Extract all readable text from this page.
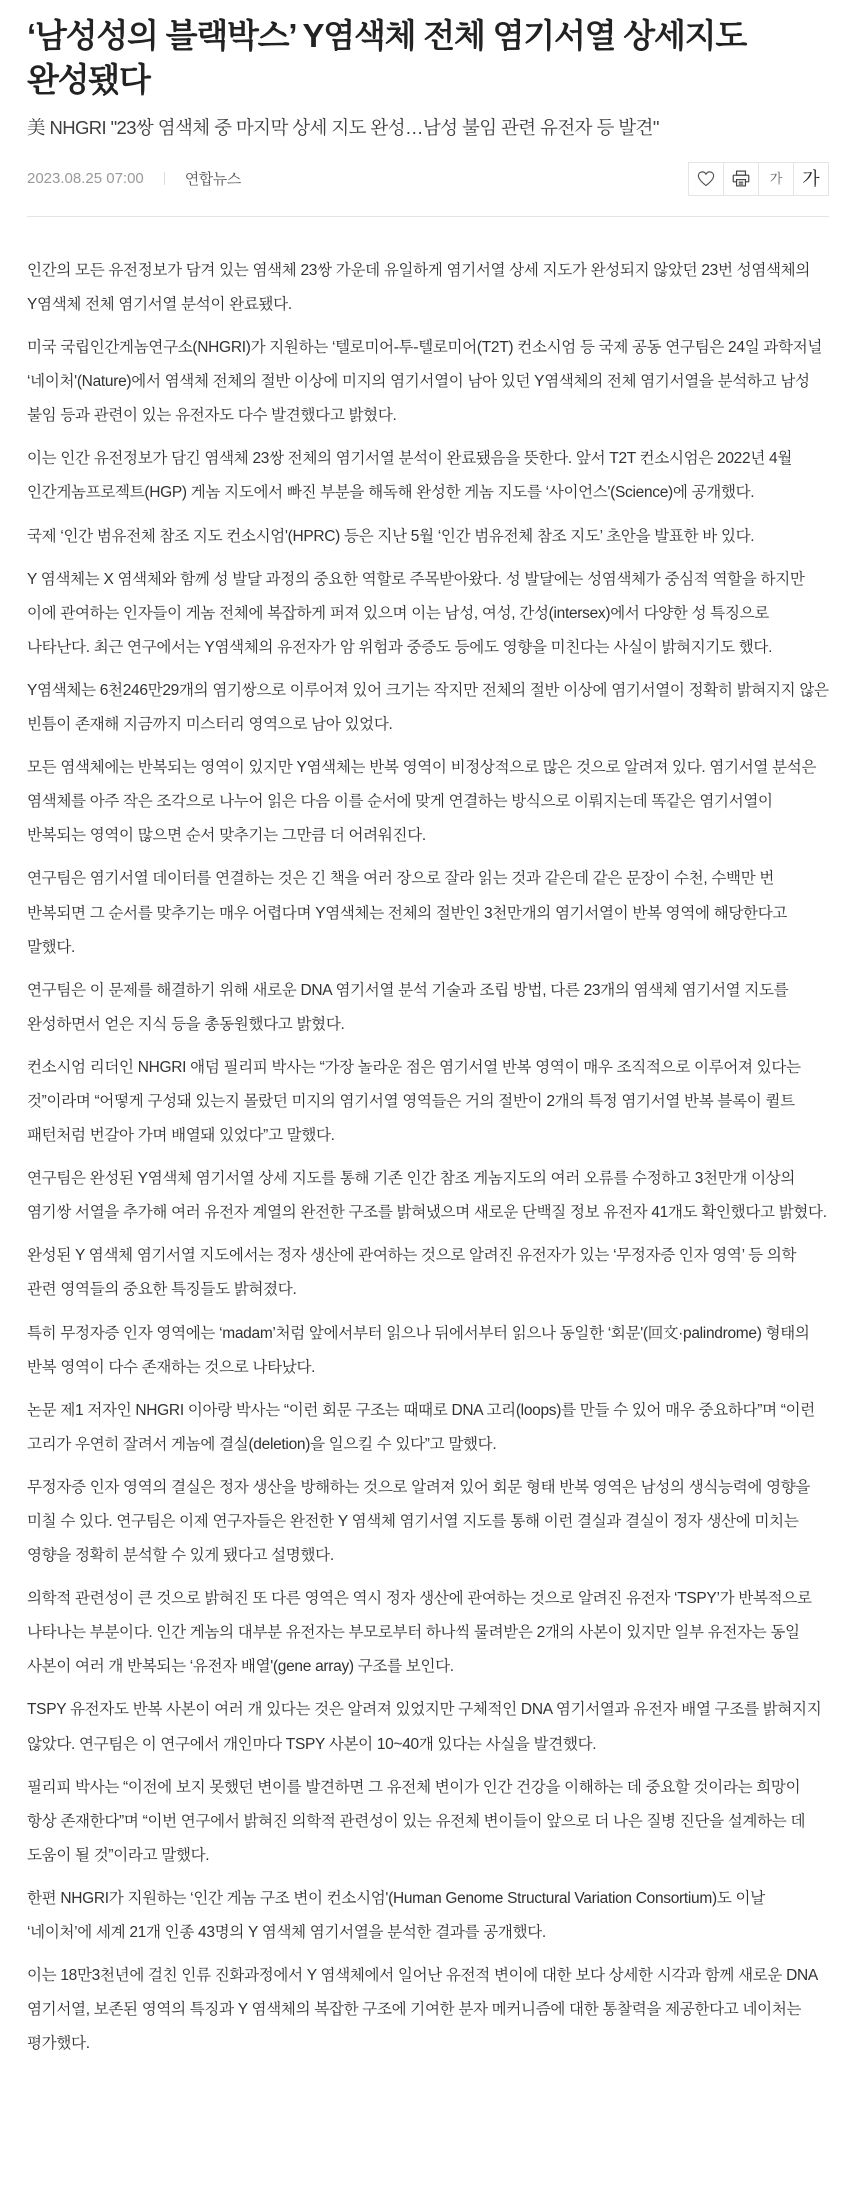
‘남성성의 블랙박스’ Y염색체 전체 염기서열 상세지도 완성됐다

美 NHGRI "23쌍 염색체 중 마지막 상세 지도 완성…남성 불임 관련 유전자 등 발견"

2023.08.25 07:00	연합뉴스	가 가

인간의 모든 유전정보가 담겨 있는 염색체 23쌍 가운데 유일하게 염기서열 상세 지도가 완성되지 않았던 23번 성염색체의 Y염색체 전체 염기서열 분석이 완료됐다.

미국 국립인간게놈연구소(NHGRI)가 지원하는 ‘텔로미어-투-텔로미어(T2T) 컨소시엄 등 국제 공동 연구팀은 24일 과학저널 ‘네이처'(Nature)에서 염색체 전체의 절반 이상에 미지의 염기서열이 남아 있던 Y염색체의 전체 염기서열을 분석하고 남성 불임 등과 관련이 있는 유전자도 다수 발견했다고 밝혔다.

이는 인간 유전정보가 담긴 염색체 23쌍 전체의 염기서열 분석이 완료됐음을 뜻한다. 앞서 T2T 컨소시엄은 2022년 4월 인간게놈프로젝트(HGP) 게놈 지도에서 빠진 부분을 해독해 완성한 게놈 지도를 ‘사이언스'(Science)에 공개했다.

국제 ‘인간 범유전체 참조 지도 컨소시엄'(HPRC) 등은 지난 5월 ‘인간 범유전체 참조 지도’ 초안을 발표한 바 있다.

Y 염색체는 X 염색체와 함께 성 발달 과정의 중요한 역할로 주목받아왔다. 성 발달에는 성염색체가 중심적 역할을 하지만 이에 관여하는 인자들이 게놈 전체에 복잡하게 퍼져 있으며 이는 남성, 여성, 간성(intersex)에서 다양한 성 특징으로 나타난다. 최근 연구에서는 Y염색체의 유전자가 암 위험과 중증도 등에도 영향을 미친다는 사실이 밝혀지기도 했다.

Y염색체는 6천246만29개의 염기쌍으로 이루어져 있어 크기는 작지만 전체의 절반 이상에 염기서열이 정확히 밝혀지지 않은 빈틈이 존재해 지금까지 미스터리 영역으로 남아 있었다.

모든 염색체에는 반복되는 영역이 있지만 Y염색체는 반복 영역이 비정상적으로 많은 것으로 알려져 있다. 염기서열 분석은 염색체를 아주 작은 조각으로 나누어 읽은 다음 이를 순서에 맞게 연결하는 방식으로 이뤄지는데 똑같은 염기서열이 반복되는 영역이 많으면 순서 맞추기는 그만큼 더 어려워진다.

연구팀은 염기서열 데이터를 연결하는 것은 긴 책을 여러 장으로 잘라 읽는 것과 같은데 같은 문장이 수천, 수백만 번 반복되면 그 순서를 맞추기는 매우 어렵다며 Y염색체는 전체의 절반인 3천만개의 염기서열이 반복 영역에 해당한다고 말했다.

연구팀은 이 문제를 해결하기 위해 새로운 DNA 염기서열 분석 기술과 조립 방법, 다른 23개의 염색체 염기서열 지도를 완성하면서 얻은 지식 등을 총동원했다고 밝혔다.

컨소시엄 리더인 NHGRI 애덤 필리피 박사는 “가장 놀라운 점은 염기서열 반복 영역이 매우 조직적으로 이루어져 있다는 것”이라며 “어떻게 구성돼 있는지 몰랐던 미지의 염기서열 영역들은 거의 절반이 2개의 특정 염기서열 반복 블록이 퀼트 패턴처럼 번갈아 가며 배열돼 있었다”고 말했다.

연구팀은 완성된 Y염색체 염기서열 상세 지도를 통해 기존 인간 참조 게놈지도의 여러 오류를 수정하고 3천만개 이상의 염기쌍 서열을 추가해 여러 유전자 계열의 완전한 구조를 밝혀냈으며 새로운 단백질 정보 유전자 41개도 확인했다고 밝혔다.

완성된 Y 염색체 염기서열 지도에서는 정자 생산에 관여하는 것으로 알려진 유전자가 있는 ‘무정자증 인자 영역’ 등 의학 관련 영역들의 중요한 특징들도 밝혀졌다.

특히 무정자증 인자 영역에는 ‘madam’처럼 앞에서부터 읽으나 뒤에서부터 읽으나 동일한 ‘회문'(回文·palindrome) 형태의 반복 영역이 다수 존재하는 것으로 나타났다.

논문 제1 저자인 NHGRI 이아랑 박사는 “이런 회문 구조는 때때로 DNA 고리(loops)를 만들 수 있어 매우 중요하다”며 “이런 고리가 우연히 잘려서 게놈에 결실(deletion)을 일으킬 수 있다”고 말했다.

무정자증 인자 영역의 결실은 정자 생산을 방해하는 것으로 알려져 있어 회문 형태 반복 영역은 남성의 생식능력에 영향을 미칠 수 있다. 연구팀은 이제 연구자들은 완전한 Y 염색체 염기서열 지도를 통해 이런 결실과 결실이 정자 생산에 미치는 영향을 정확히 분석할 수 있게 됐다고 설명했다.

의학적 관련성이 큰 것으로 밝혀진 또 다른 영역은 역시 정자 생산에 관여하는 것으로 알려진 유전자 ‘TSPY’가 반복적으로 나타나는 부분이다. 인간 게놈의 대부분 유전자는 부모로부터 하나씩 물려받은 2개의 사본이 있지만 일부 유전자는 동일 사본이 여러 개 반복되는 ‘유전자 배열'(gene array) 구조를 보인다.

TSPY 유전자도 반복 사본이 여러 개 있다는 것은 알려져 있었지만 구체적인 DNA 염기서열과 유전자 배열 구조를 밝혀지지 않았다. 연구팀은 이 연구에서 개인마다 TSPY 사본이 10~40개 있다는 사실을 발견했다.

필리피 박사는 “이전에 보지 못했던 변이를 발견하면 그 유전체 변이가 인간 건강을 이해하는 데 중요할 것이라는 희망이 항상 존재한다”며 “이번 연구에서 밝혀진 의학적 관련성이 있는 유전체 변이들이 앞으로 더 나은 질병 진단을 설계하는 데 도움이 될 것”이라고 말했다.

한편 NHGRI가 지원하는 ‘인간 게놈 구조 변이 컨소시엄'(Human Genome Structural Variation Consortium)도 이날 ‘네이처’에 세계 21개 인종 43명의 Y 염색체 염기서열을 분석한 결과를 공개했다.

이는 18만3천년에 걸친 인류 진화과정에서 Y 염색체에서 일어난 유전적 변이에 대한 보다 상세한 시각과 함께 새로운 DNA 염기서열, 보존된 영역의 특징과 Y 염색체의 복잡한 구조에 기여한 분자 메커니즘에 대한 통찰력을 제공한다고 네이처는 평가했다.
